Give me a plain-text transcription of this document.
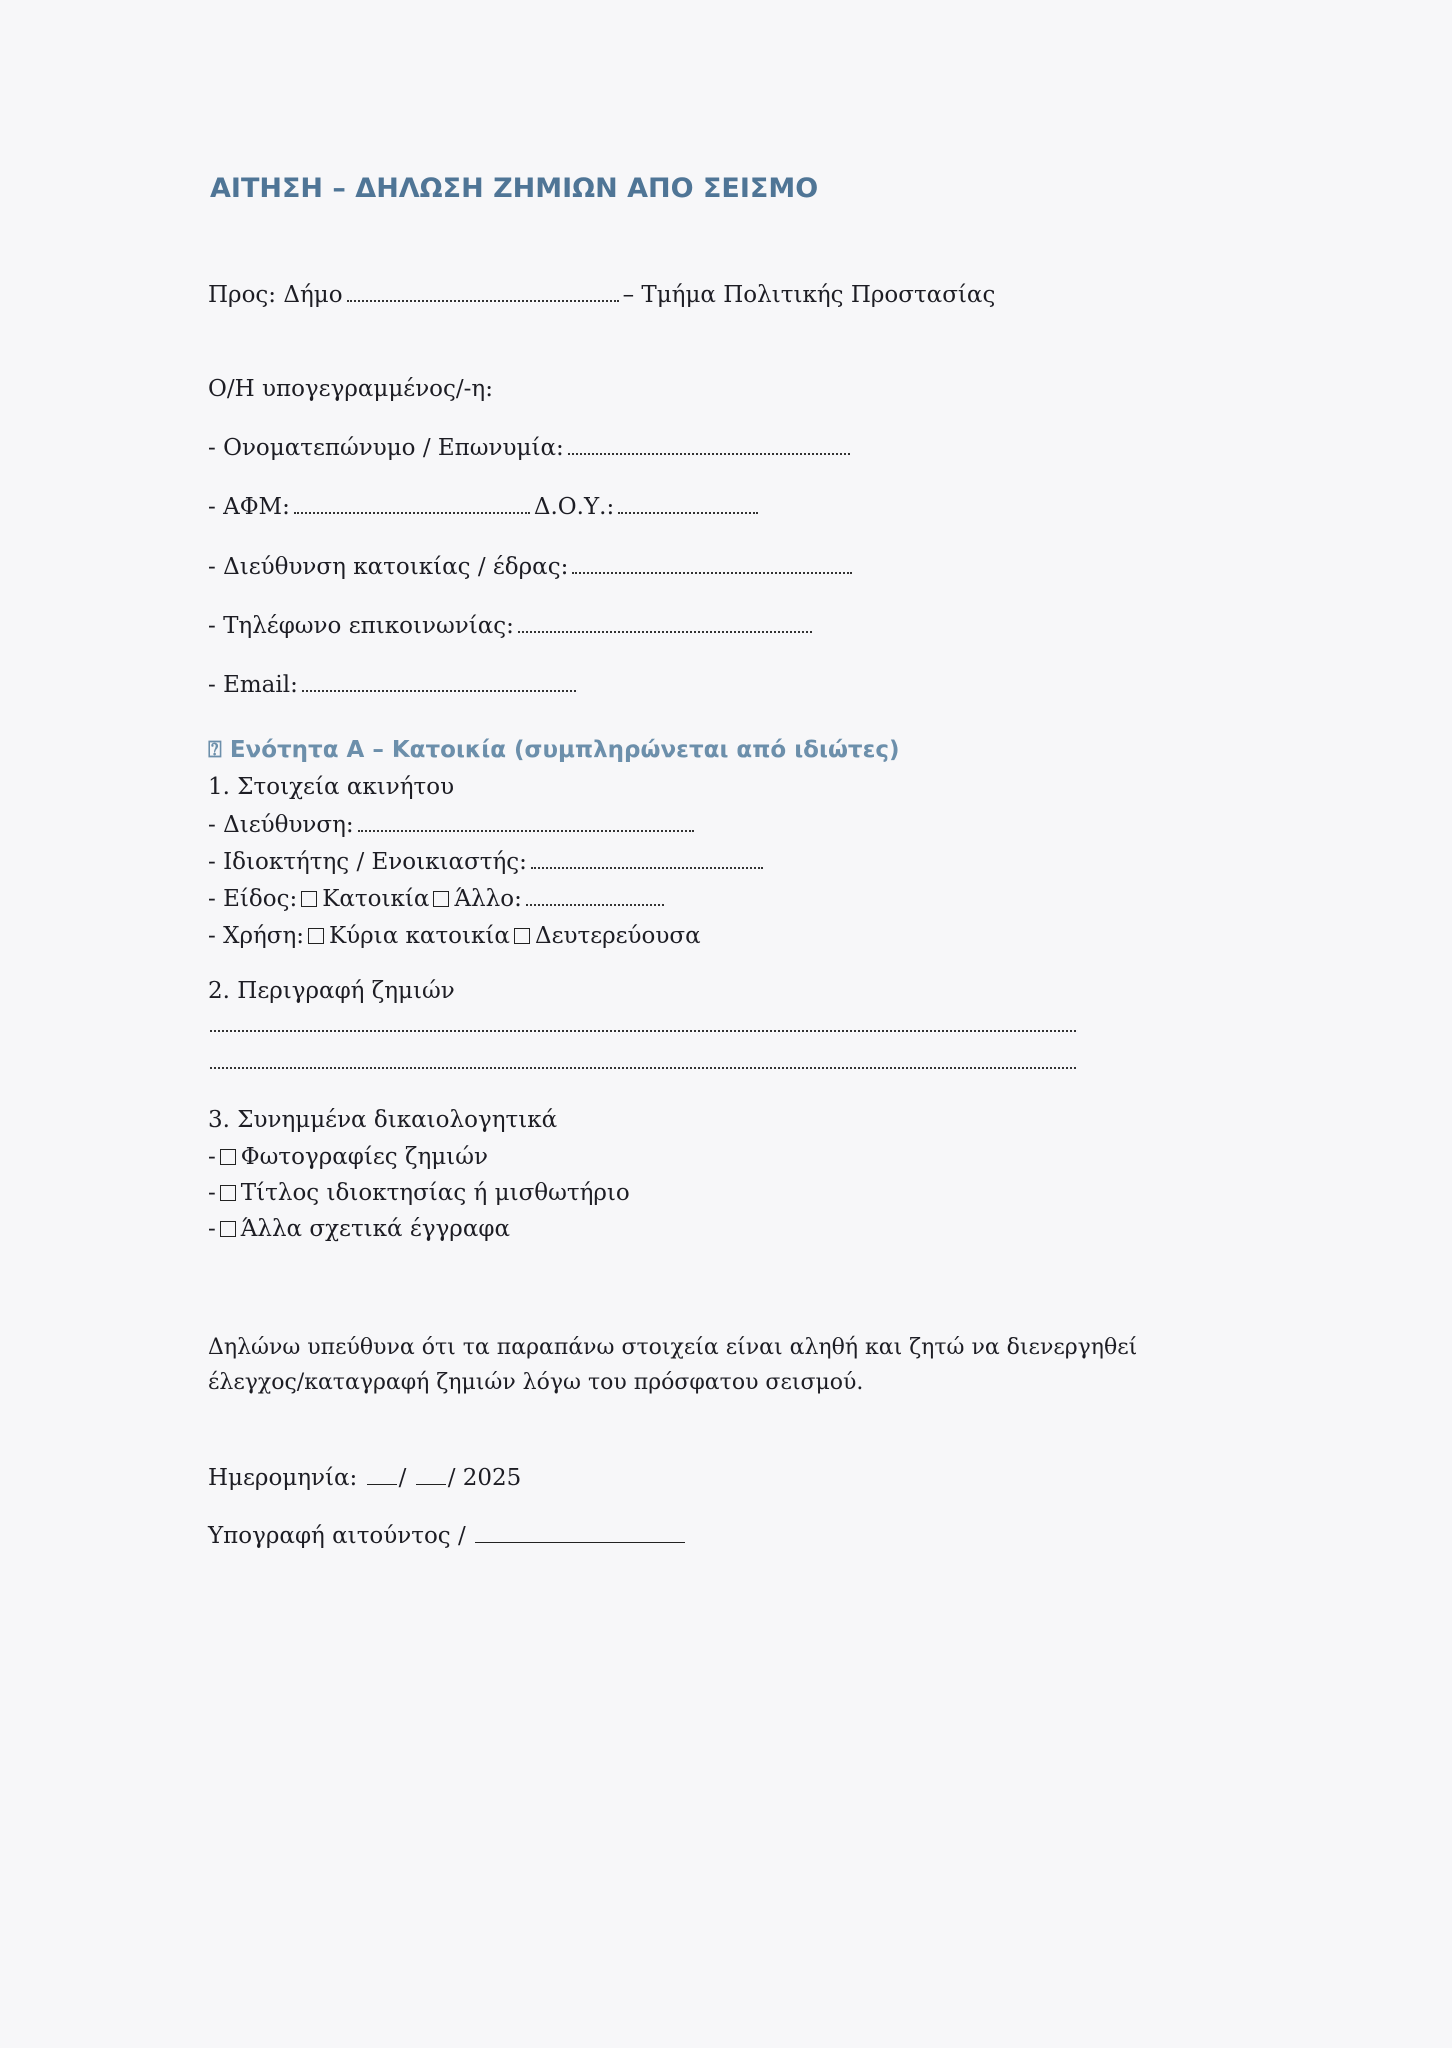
ΑΙΤΗΣΗ – ΔΗΛΩΣΗ ΖΗΜΙΩΝ ΑΠΟ ΣΕΙΣΜΟ
Προς: Δήμο	– Τμήμα Πολιτικής Προστασίας
Ο/Η υπογεγραμμένος/-η:
- Ονοματεπώνυμο / Επωνυμία:
- ΑΦΜ:	Δ.Ο.Υ.:
- Διεύθυνση κατοικίας / έδρας:
- Τηλέφωνο επικοινωνίας:
- Email:
⍰ Ενότητα Α – Κατοικία (συμπληρώνεται από ιδιώτες)
1. Στοιχεία ακινήτου
- Διεύθυνση:
- Ιδιοκτήτης / Ενοικιαστής:
- Είδος: Κατοικία Άλλο:
- Χρήση: Κύρια κατοικία Δευτερεύουσα
2. Περιγραφή ζημιών
3. Συνημμένα δικαιολογητικά
- Φωτογραφίες ζημιών
- Τίτλος ιδιοκτησίας ή μισθωτήριο
- Άλλα σχετικά έγγραφα
Δηλώνω υπεύθυνα ότι τα παραπάνω στοιχεία είναι αληθή και ζητώ να διενεργηθεί
έλεγχος/καταγραφή ζημιών λόγω του πρόσφατου σεισμού.
Ημερομηνία: / / 2025
Υπογραφή αιτούντος /
